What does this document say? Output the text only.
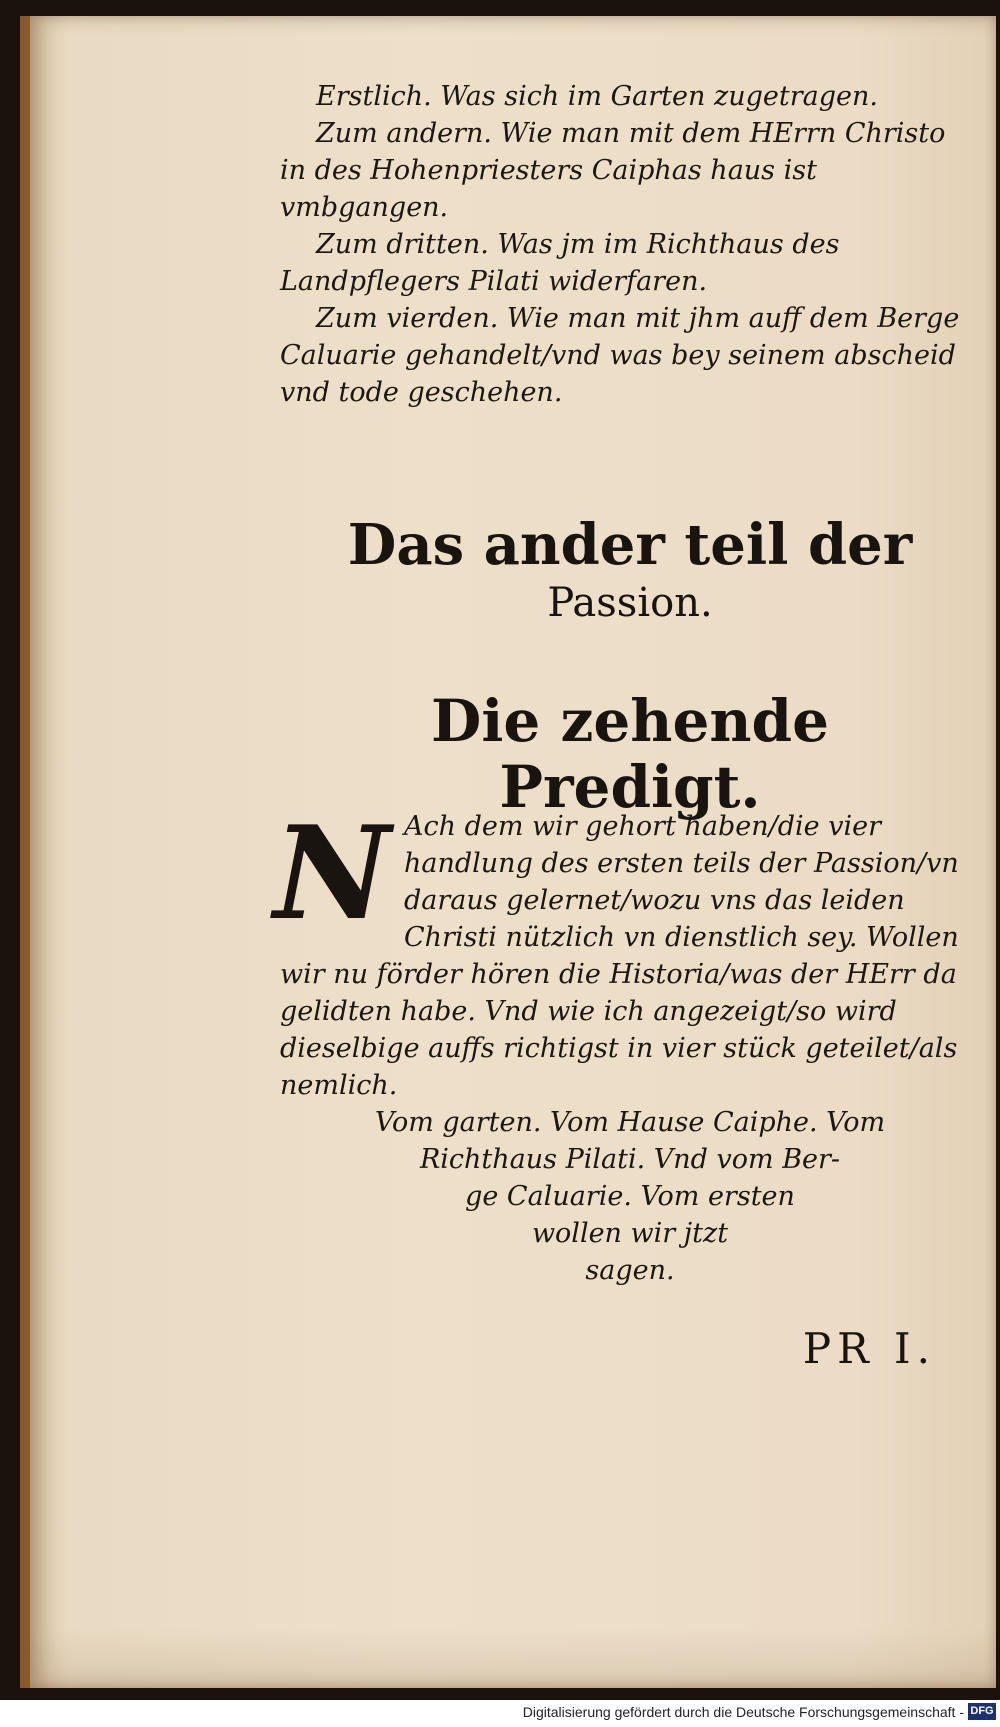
Erstlich. Was sich im Garten zugetragen.

Zum andern. Wie man mit dem HErrn Christo in des Hohenpriesters Caiphas haus ist vmbgangen.

Zum dritten. Was jm im Richthaus des Landpflegers Pilati widerfaren.

Zum vierden. Wie man mit jhm auff dem Berge Caluarie gehandelt/vnd was bey seinem abscheid vnd tode geschehen.

Das ander teil der
Passion.
Die zehende Predigt.
N Ach dem wir gehort haben/die vier handlung des ersten teils der Passion/vn daraus gelernet/wozu vns das leiden Christi nützlich vn dienstlich sey. Wollen wir nu förder hören die Historia/was der HErr da gelidten habe. Vnd wie ich angezeigt/so wird dieselbige auffs richtigst in vier stück geteilet/als nemlich.

Vom garten. Vom Hause Caiphe. Vom

Richthaus Pilati. Vnd vom Ber-

ge Caluarie. Vom ersten

wollen wir jtzt

sagen.

PR I.
Digitalisierung gefördert durch die Deutsche Forschungsgemeinschaft - DFG
